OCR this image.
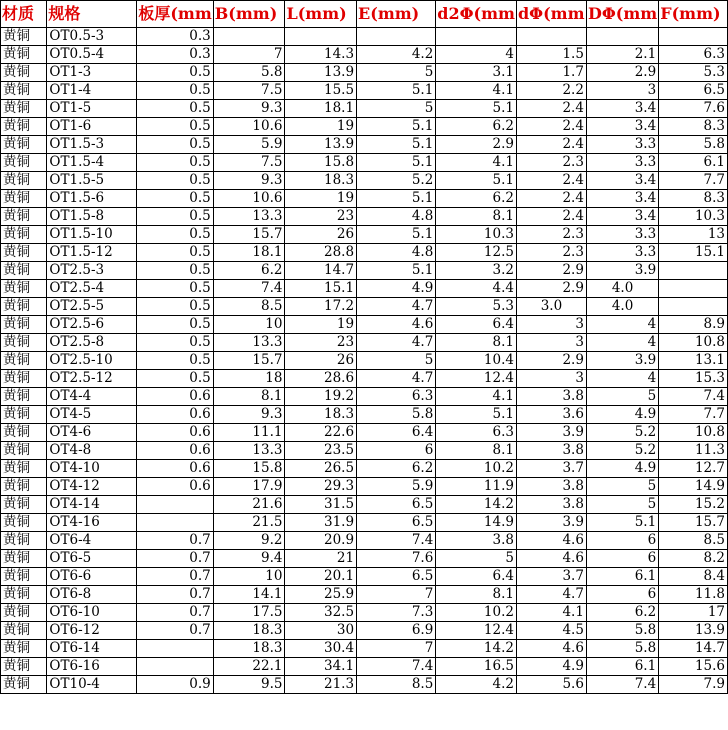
材质	规格	板厚(mm	B(mm)	L(mm)	E(mm)	d2Φ(mm	dΦ(mm	DΦ(mm	F(mm)
黄铜	OT0.5-3	0.3							
黄铜	OT0.5-4	0.3	7	14.3	4.2	4	1.5	2.1	6.3
黄铜	OT1-3	0.5	5.8	13.9	5	3.1	1.7	2.9	5.3
黄铜	OT1-4	0.5	7.5	15.5	5.1	4.1	2.2	3	6.5
黄铜	OT1-5	0.5	9.3	18.1	5	5.1	2.4	3.4	7.6
黄铜	OT1-6	0.5	10.6	19	5.1	6.2	2.4	3.4	8.3
黄铜	OT1.5-3	0.5	5.9	13.9	5.1	2.9	2.4	3.3	5.8
黄铜	OT1.5-4	0.5	7.5	15.8	5.1	4.1	2.3	3.3	6.1
黄铜	OT1.5-5	0.5	9.3	18.3	5.2	5.1	2.4	3.4	7.7
黄铜	OT1.5-6	0.5	10.6	19	5.1	6.2	2.4	3.4	8.3
黄铜	OT1.5-8	0.5	13.3	23	4.8	8.1	2.4	3.4	10.3
黄铜	OT1.5-10	0.5	15.7	26	5.1	10.3	2.3	3.3	13
黄铜	OT1.5-12	0.5	18.1	28.8	4.8	12.5	2.3	3.3	15.1
黄铜	OT2.5-3	0.5	6.2	14.7	5.1	3.2	2.9	3.9	
黄铜	OT2.5-4	0.5	7.4	15.1	4.9	4.4	2.9	4.0	
黄铜	OT2.5-5	0.5	8.5	17.2	4.7	5.3	3.0	4.0	
黄铜	OT2.5-6	0.5	10	19	4.6	6.4	3	4	8.9
黄铜	OT2.5-8	0.5	13.3	23	4.7	8.1	3	4	10.8
黄铜	OT2.5-10	0.5	15.7	26	5	10.4	2.9	3.9	13.1
黄铜	OT2.5-12	0.5	18	28.6	4.7	12.4	3	4	15.3
黄铜	OT4-4	0.6	8.1	19.2	6.3	4.1	3.8	5	7.4
黄铜	OT4-5	0.6	9.3	18.3	5.8	5.1	3.6	4.9	7.7
黄铜	OT4-6	0.6	11.1	22.6	6.4	6.3	3.9	5.2	10.8
黄铜	OT4-8	0.6	13.3	23.5	6	8.1	3.8	5.2	11.3
黄铜	OT4-10	0.6	15.8	26.5	6.2	10.2	3.7	4.9	12.7
黄铜	OT4-12	0.6	17.9	29.3	5.9	11.9	3.8	5	14.9
黄铜	OT4-14		21.6	31.5	6.5	14.2	3.8	5	15.2
黄铜	OT4-16		21.5	31.9	6.5	14.9	3.9	5.1	15.7
黄铜	OT6-4	0.7	9.2	20.9	7.4	3.8	4.6	6	8.5
黄铜	OT6-5	0.7	9.4	21	7.6	5	4.6	6	8.2
黄铜	OT6-6	0.7	10	20.1	6.5	6.4	3.7	6.1	8.4
黄铜	OT6-8	0.7	14.1	25.9	7	8.1	4.7	6	11.8
黄铜	OT6-10	0.7	17.5	32.5	7.3	10.2	4.1	6.2	17
黄铜	OT6-12	0.7	18.3	30	6.9	12.4	4.5	5.8	13.9
黄铜	OT6-14		18.3	30.4	7	14.2	4.6	5.8	14.7
黄铜	OT6-16		22.1	34.1	7.4	16.5	4.9	6.1	15.6
黄铜	OT10-4	0.9	9.5	21.3	8.5	4.2	5.6	7.4	7.9
